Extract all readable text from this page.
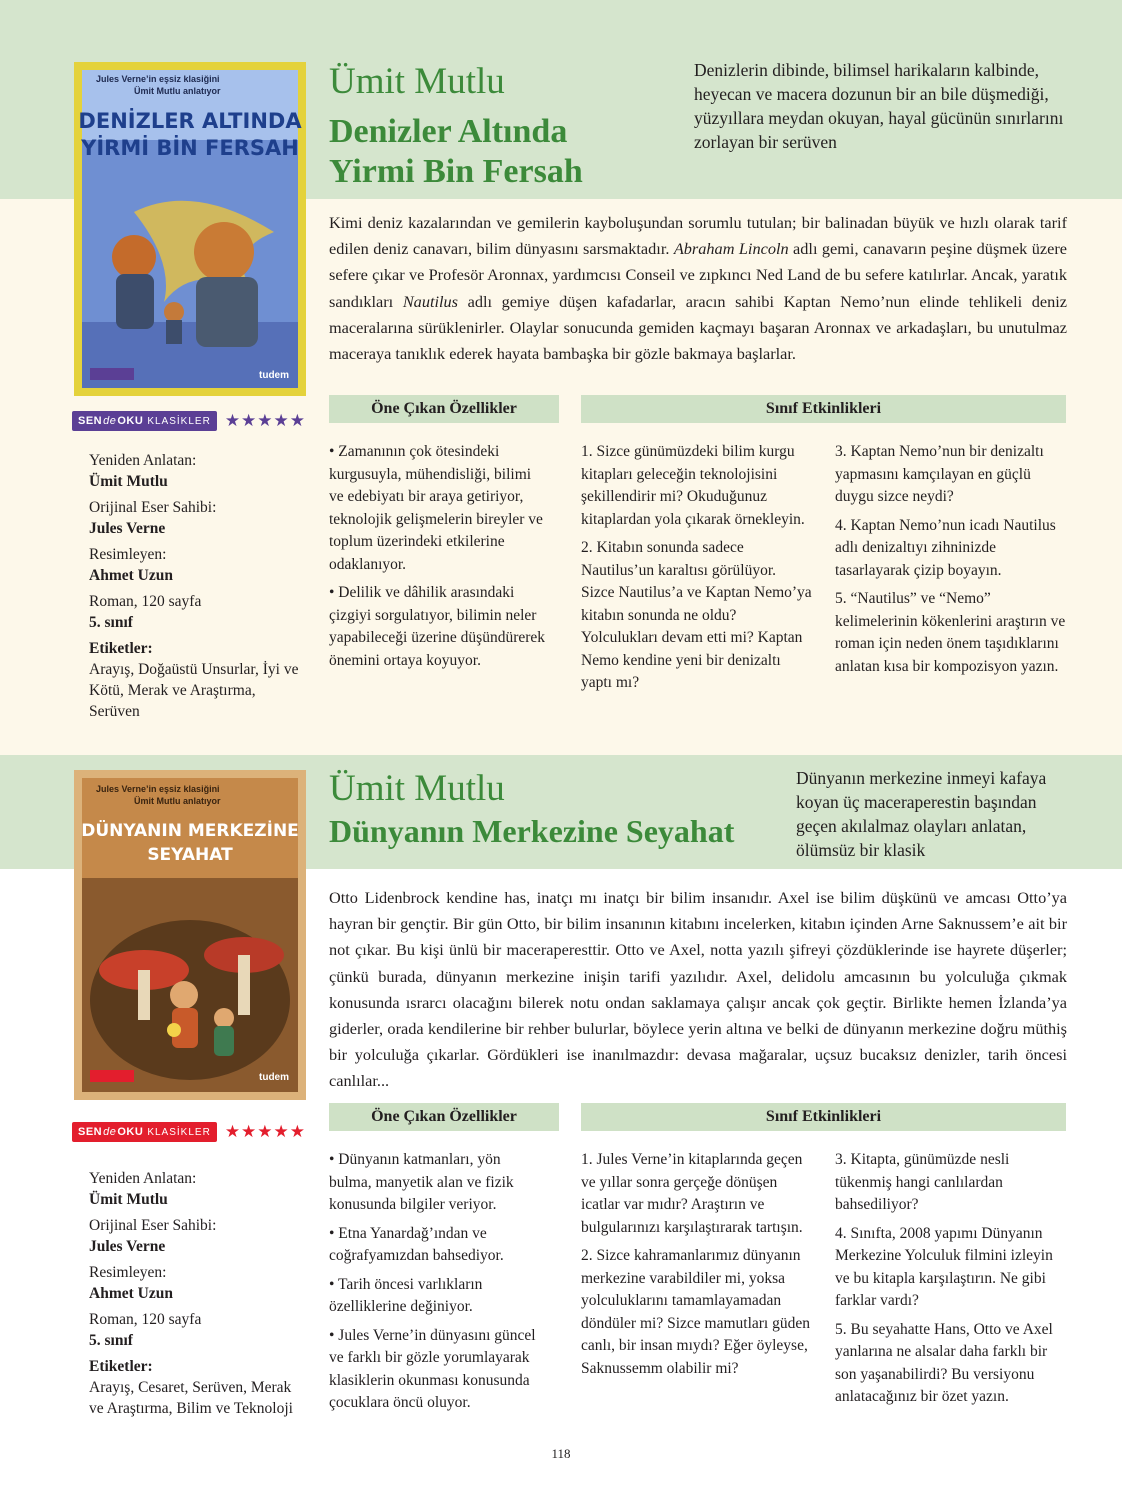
Jules Verne’in eşsiz klasiğini
Ümit Mutlu anlatıyor
DENİZLER ALTINDA
YİRMİ BİN FERSAH
tudem
SEN de OKU KLASİKLER ★★★★★
Yeniden Anlatan:
Ümit Mutlu
Orijinal Eser Sahibi:
Jules Verne
Resimleyen:
Ahmet Uzun
Roman, 120 sayfa
5. sınıf
Etiketler:
Arayış, Doğaüstü Unsurlar, İyi ve Kötü, Merak ve Araştırma, Serüven
Ümit Mutlu
Denizler Altında
Yirmi Bin Fersah
Denizlerin dibinde, bilimsel harikaların kalbinde, heyecan ve macera dozunun bir an bile düşmediği, yüzyıllara meydan okuyan, hayal gücünün sınırlarını zorlayan bir serüven
Kimi deniz kazalarından ve gemilerin kayboluşundan sorumlu tutulan; bir balinadan büyük ve hızlı olarak tarif edilen deniz canavarı, bilim dünyasını sarsmaktadır. Abraham Lincoln adlı gemi, canavarın peşine düşmek üzere sefere çıkar ve Profesör Aronnax, yardımcısı Conseil ve zıpkıncı Ned Land de bu sefere katılırlar. Ancak, yaratık sandıkları Nautilus adlı gemiye düşen kafadarlar, aracın sahibi Kaptan Nemo’nun elinde tehlikeli deniz maceralarına sürüklenirler. Olaylar sonucunda gemiden kaçmayı başaran Aronnax ve arkadaşları, bu unutulmaz maceraya tanıklık ederek hayata bambaşka bir gözle bakmaya başlarlar.
Öne Çıkan Özellikler	Sınıf Etkinlikleri

• Zamanının çok ötesindeki kurgusuyla, mühendisliği, bilimi ve edebiyatı bir araya getiriyor, teknolojik gelişmelerin bireyler ve toplum üzerindeki etkilerine odaklanıyor.

• Delilik ve dâhilik arasındaki çizgiyi sorgulatıyor, bilimin neler yapabileceği üzerine düşündürerek önemini ortaya koyuyor.

1. Sizce günümüzdeki bilim kurgu kitapları geleceğin teknolojisini şekillendirir mi? Okuduğunuz kitaplardan yola çıkarak örnekleyin.

2. Kitabın sonunda sadece Nautilus’un karaltısı görülüyor. Sizce Nautilus’a ve Kaptan Nemo’ya kitabın sonunda ne oldu? Yolculukları devam etti mi? Kaptan Nemo kendine yeni bir denizaltı yaptı mı?

3. Kaptan Nemo’nun bir denizaltı yapmasını kamçılayan en güçlü duygu sizce neydi?

4. Kaptan Nemo’nun icadı Nautilus adlı denizaltıyı zihninizde tasarlayarak çizip boyayın.

5. “Nautilus” ve “Nemo” kelimelerinin kökenlerini araştırın ve roman için neden önem taşıdıklarını anlatan kısa bir kompozisyon yazın.

Jules Verne’in eşsiz klasiğini
Ümit Mutlu anlatıyor
DÜNYANIN MERKEZİNE
SEYAHAT
tudem
SEN de OKU KLASİKLER ★★★★★
Yeniden Anlatan:
Ümit Mutlu
Orijinal Eser Sahibi:
Jules Verne
Resimleyen:
Ahmet Uzun
Roman, 120 sayfa
5. sınıf
Etiketler:
Arayış, Cesaret, Serüven, Merak ve Araştırma, Bilim ve Teknoloji
Ümit Mutlu
Dünyanın Merkezine Seyahat
Dünyanın merkezine inmeyi kafaya koyan üç maceraperestin başından geçen akılalmaz olayları anlatan, ölümsüz bir klasik
Otto Lidenbrock kendine has, inatçı mı inatçı bir bilim insanıdır. Axel ise bilim düşkünü ve amcası Otto’ya hayran bir gençtir. Bir gün Otto, bir bilim insanının kitabını incelerken, kitabın içinden Arne Saknussem’e ait bir not çıkar. Bu kişi ünlü bir maceraperesttir. Otto ve Axel, notta yazılı şifreyi çözdüklerinde ise hayrete düşerler; çünkü burada, dünyanın merkezine inişin tarifi yazılıdır. Axel, delidolu amcasının bu yolculuğa çıkmak konusunda ısrarcı olacağını bilerek notu ondan saklamaya çalışır ancak çok geçtir. Birlikte hemen İzlanda’ya giderler, orada kendilerine bir rehber bulurlar, böylece yerin altına ve belki de dünyanın merkezine doğru müthiş bir yolculuğa çıkarlar. Gördükleri ise inanılmazdır: devasa mağaralar, uçsuz bucaksız denizler, tarih öncesi canlılar...
Öne Çıkan Özellikler	Sınıf Etkinlikleri

• Dünyanın katmanları, yön bulma, manyetik alan ve fizik konusunda bilgiler veriyor.

• Etna Yanardağ’ından ve coğrafyamızdan bahsediyor.

• Tarih öncesi varlıkların özelliklerine değiniyor.

• Jules Verne’in dünyasını güncel ve farklı bir gözle yorumlayarak klasiklerin okunması konusunda çocuklara öncü oluyor.

1. Jules Verne’in kitaplarında geçen ve yıllar sonra gerçeğe dönüşen icatlar var mıdır? Araştırın ve bulgularınızı karşılaştırarak tartışın.

2. Sizce kahramanlarımız dünyanın merkezine varabildiler mi, yoksa yolculuklarını tamamlayamadan döndüler mi? Sizce mamutları güden canlı, bir insan mıydı? Eğer öyleyse, Saknussemm olabilir mi?

3. Kitapta, günümüzde nesli tükenmiş hangi canlılardan bahsediliyor?

4. Sınıfta, 2008 yapımı Dünyanın Merkezine Yolculuk filmini izleyin ve bu kitapla karşılaştırın. Ne gibi farklar vardı?

5. Bu seyahatte Hans, Otto ve Axel yanlarına ne alsalar daha farklı bir son yaşanabilirdi? Bu versiyonu anlatacağınız bir özet yazın.

118
